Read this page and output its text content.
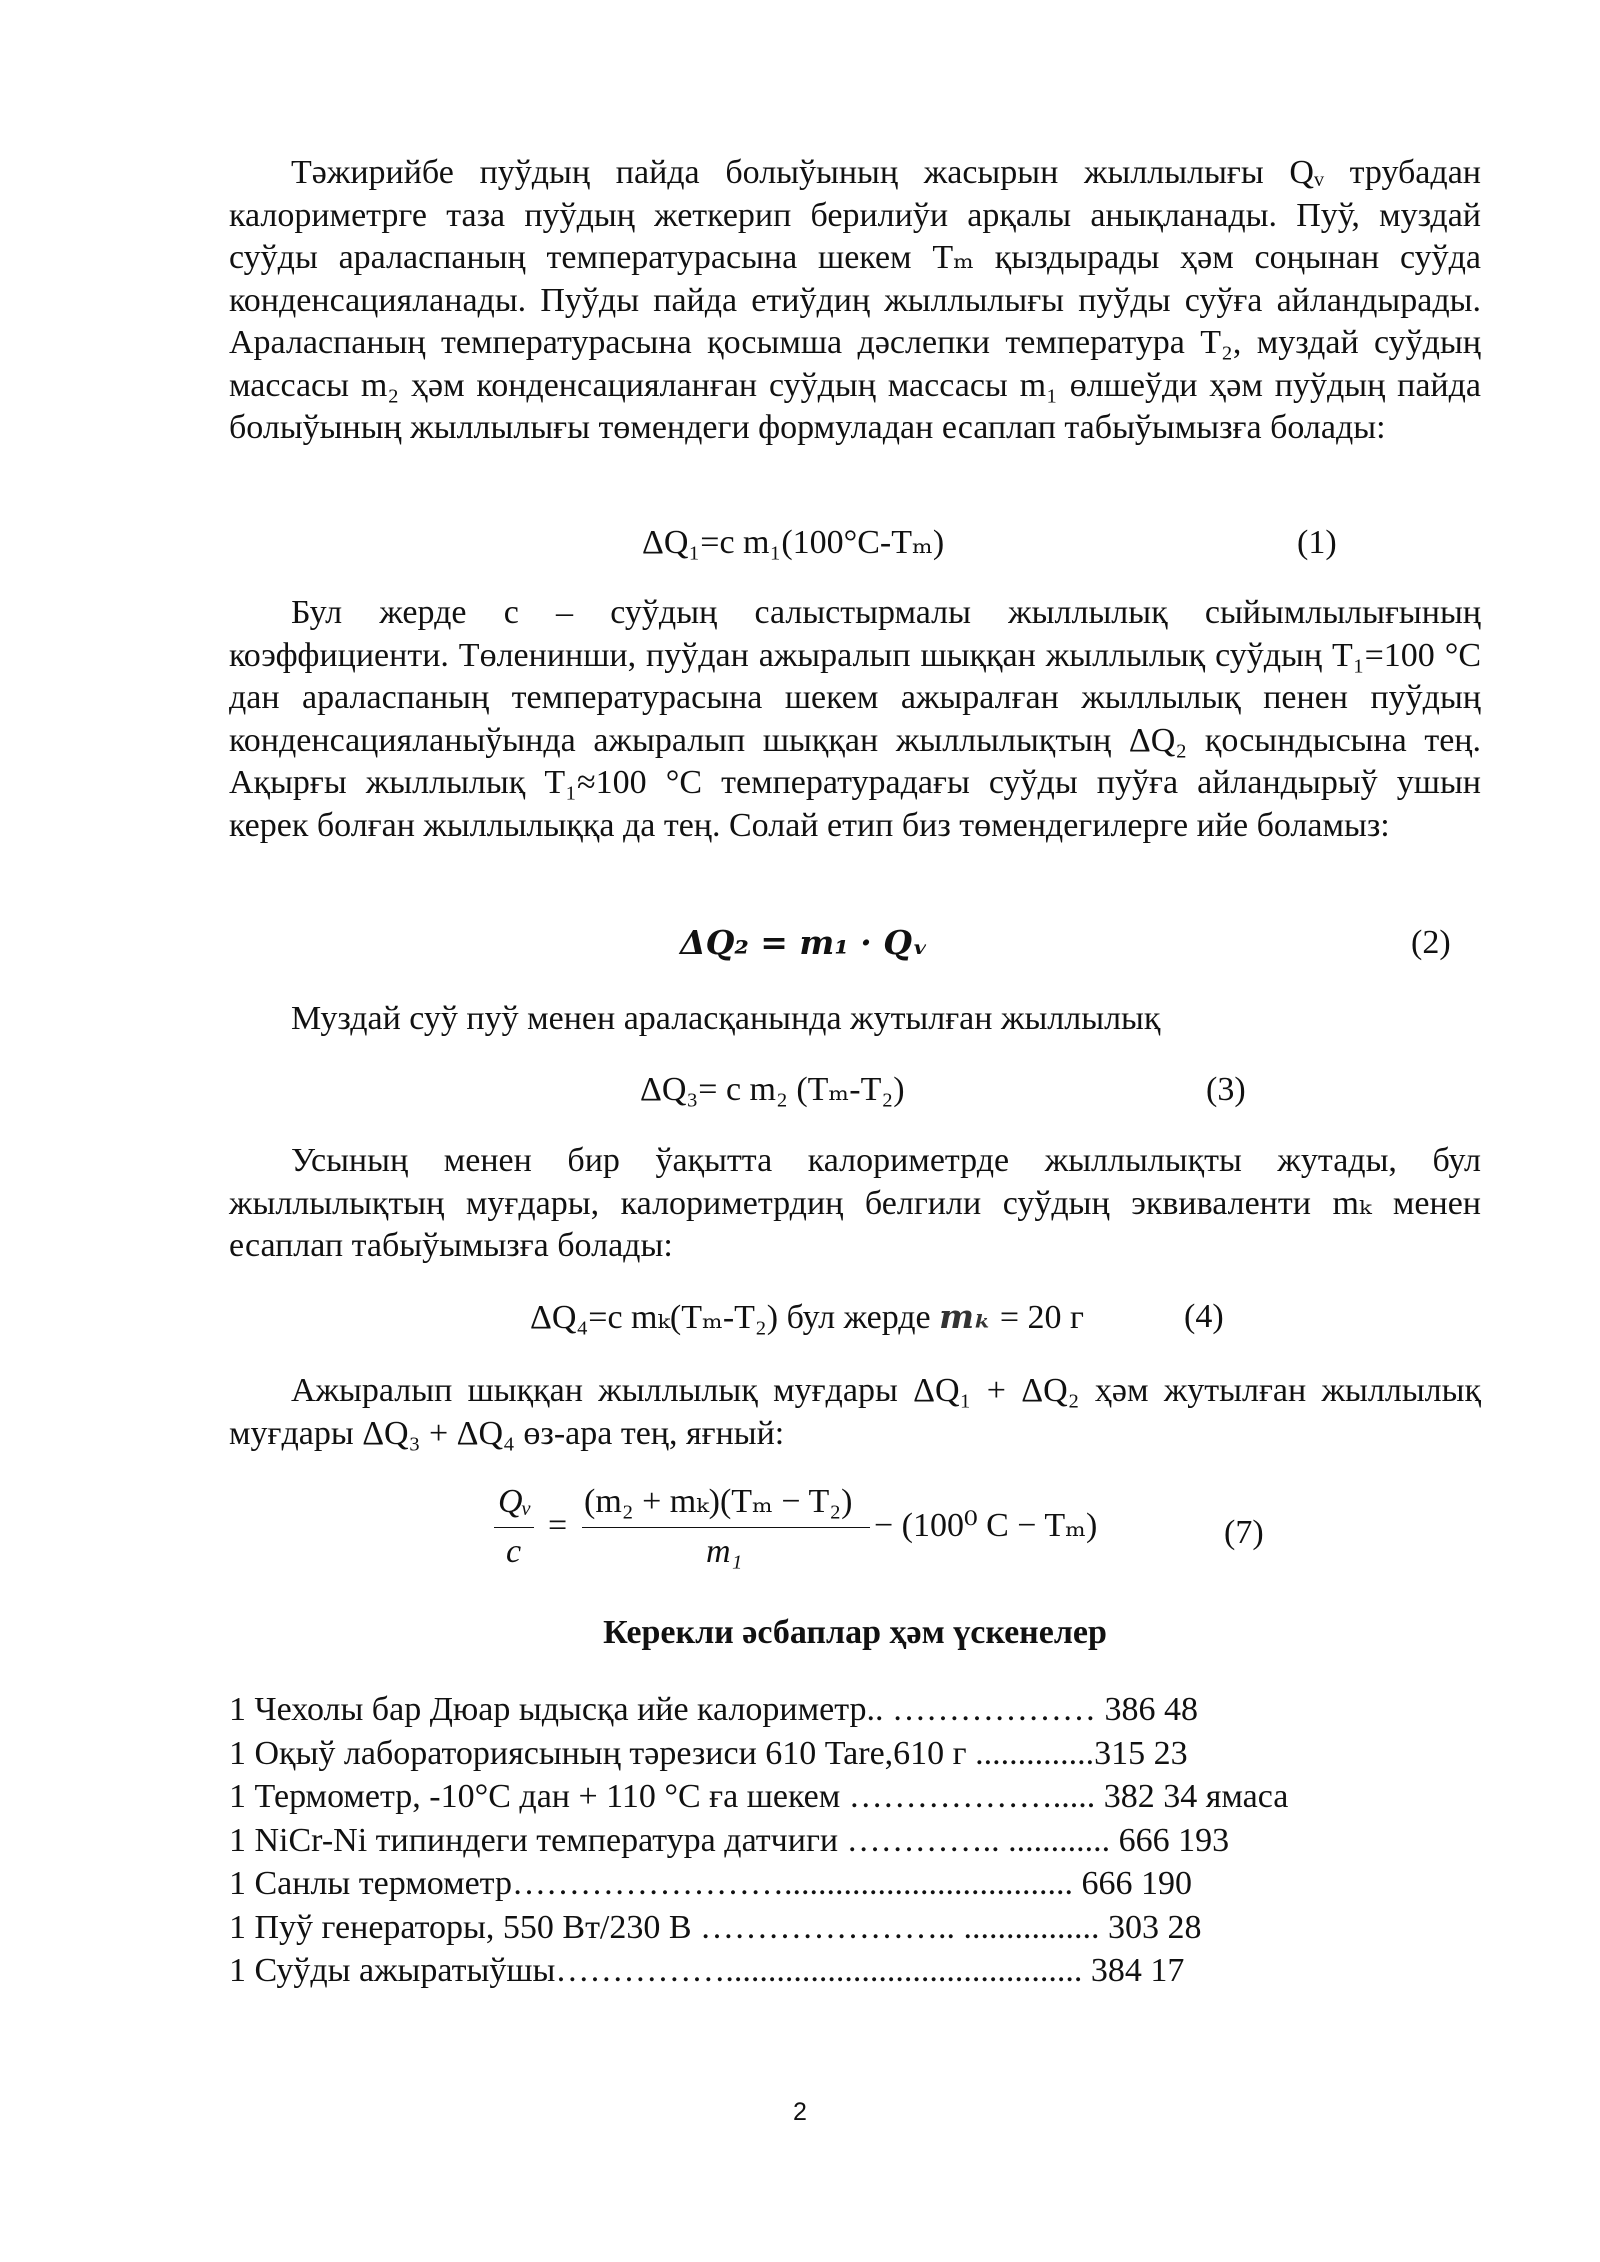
Тәжирийбе пуўдың пайда болыўының жасырын жыллылығы Qᵥ трубадан калориметрге таза пуўдың жеткерип берилиўи арқалы анықланады. Пуў, муздай суўды араласпаның температурасына шекем Tₘ қыздырады ҳәм соңынан суўда конденсацияланады. Пуўды пайда етиўдиң жыллылығы пуўды суўға айландырады. Араласпаның температурасына қосымша дәслепки температура T₂, муздай суўдың массасы m₂ ҳәм конденсацияланған суўдың массасы m₁ өлшеўди ҳәм пуўдың пайда болыўының жыллылығы төмендеги формуладан есаплап табыўымызға болады:
ΔQ₁=c m₁(100°C-Tₘ)	(1)
Бул жерде c – суўдың салыстырмалы жыллылық сыйымлылығының коэффициенти. Төленинши, пуўдан ажыралып шыққан жыллылық суўдың T₁=100 °C дан араласпаның температурасына шекем ажыралған жыллылық пенен пуўдың конденсацияланыўында ажыралып шыққан жыллылықтың ΔQ₂ қосындысына тең. Ақырғы жыллылық T₁≈100 °C температурадағы суўды пуўға айландырыў ушын керек болған жыллылыққа да тең. Солай етип биз төмендегилерге ийе боламыз:
ΔQ₂ = m₁ · Qᵥ	(2)
Муздай суў пуў менен араласқанында жутылған жыллылық
ΔQ₃= c m₂ (Tₘ-T₂)	(3)
Усының менен бир ўақытта калориметрде жыллылықты жутады, бул жыллылықтың муғдары, калориметрдиң белгили суўдың эквиваленти mₖ менен есаплап табыўымызға болады:
ΔQ₄=c mₖ(Tₘ-T₂) бул жерде mₖ = 20 г	(4)
Ажыралып шыққан жыллылық муғдары ΔQ₁ + ΔQ₂ ҳәм жутылған жыллылық муғдары ΔQ₃ + ΔQ₄ өз-ара тең, яғный:
Qᵥ
c
=
(m₂ + mₖ)(Tₘ − T₂)
m₁
− (100⁰ C − Tₘ)	(7)
Керекли әсбаплар ҳәм үскенелер
1 Чехолы бар Дюар ыдысқа ийе калориметр.. ……………… 386 48
1 Оқыў лабораториясының тәрезиси 610 Tare,610 г ..............315 23
1 Термометр, -10°C дан + 110 °C ға шекем ………………..... 382 34 ямаса
1 NiCr-Ni типиндеги температура датчиги ………….. ............ 666 193
1 Санлы термометр…………………….................................. 666 190
1 Пуў генераторы, 550 Вт/230 В ………………….. ................ 303 28
1 Суўды ажыратыўшы…………….......................................... 384 17
2
